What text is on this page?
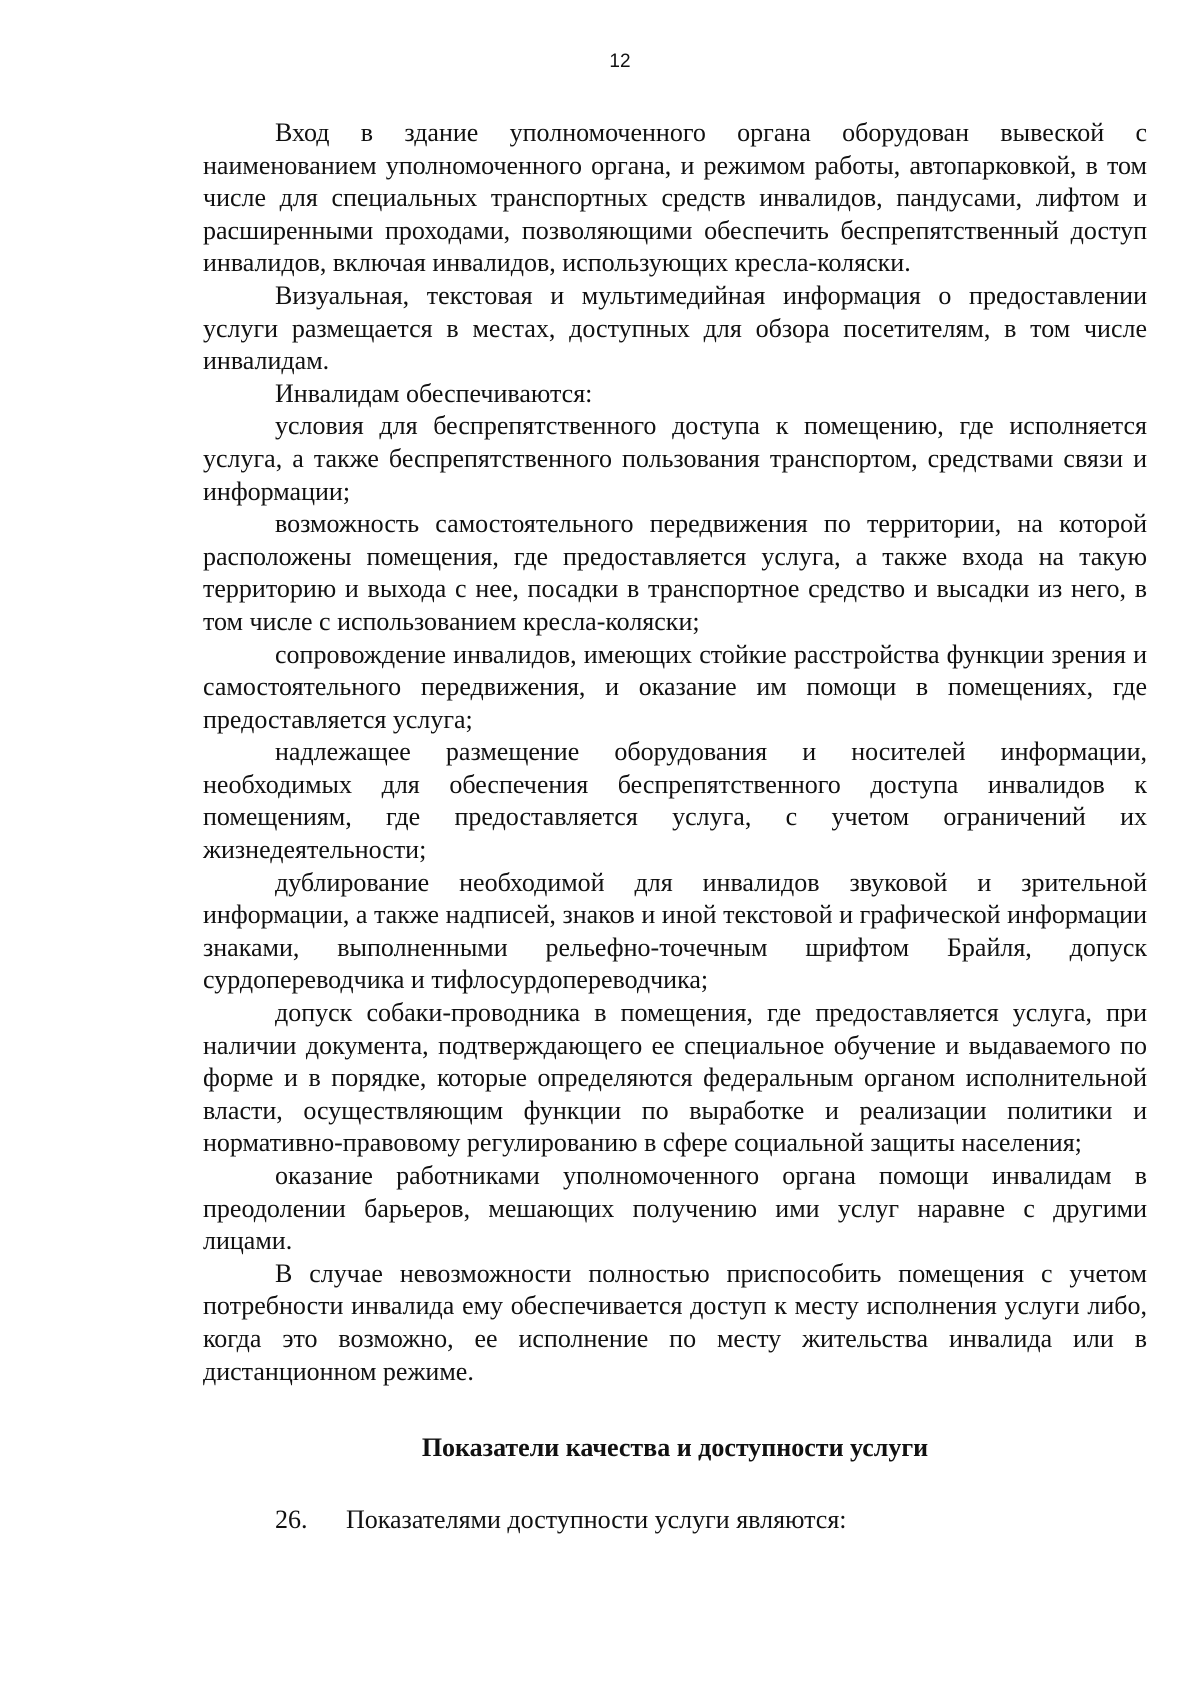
12

Вход в здание уполномоченного органа оборудован вывеской с наименованием уполномоченного органа, и режимом работы, автопарковкой, в том числе для специальных транспортных средств инвалидов, пандусами, лифтом и расширенными проходами, позволяющими обеспечить беспрепятственный доступ инвалидов, включая инвалидов, использующих кресла-коляски.

Визуальная, текстовая и мультимедийная информация о предоставлении услуги размещается в местах, доступных для обзора посетителям, в том числе инвалидам.

Инвалидам обеспечиваются:

условия для беспрепятственного доступа к помещению, где исполняется услуга, а также беспрепятственного пользования транспортом, средствами связи и информации;

возможность самостоятельного передвижения по территории, на которой расположены помещения, где предоставляется услуга, а также входа на такую территорию и выхода с нее, посадки в транспортное средство и высадки из него, в том числе с использованием кресла-коляски;

сопровождение инвалидов, имеющих стойкие расстройства функции зрения и самостоятельного передвижения, и оказание им помощи в помещениях, где предоставляется услуга;

надлежащее размещение оборудования и носителей информации, необходимых для обеспечения беспрепятственного доступа инвалидов к помещениям, где предоставляется услуга, с учетом ограничений их жизнедеятельности;

дублирование необходимой для инвалидов звуковой и зрительной информации, а также надписей, знаков и иной текстовой и графической информации знаками, выполненными рельефно-точечным шрифтом Брайля, допуск сурдопереводчика и тифлосурдопереводчика;

допуск собаки-проводника в помещения, где предоставляется услуга, при наличии документа, подтверждающего ее специальное обучение и выдаваемого по форме и в порядке, которые определяются федеральным органом исполнительной власти, осуществляющим функции по выработке и реализации политики и нормативно-правовому регулированию в сфере социальной защиты населения;

оказание работниками уполномоченного органа помощи инвалидам в преодолении барьеров, мешающих получению ими услуг наравне с другими лицами.

В случае невозможности полностью приспособить помещения с учетом потребности инвалида ему обеспечивается доступ к месту исполнения услуги либо, когда это возможно, ее исполнение по месту жительства инвалида или в дистанционном режиме.

Показатели качества и доступности услуги

26. Показателями доступности услуги являются:
